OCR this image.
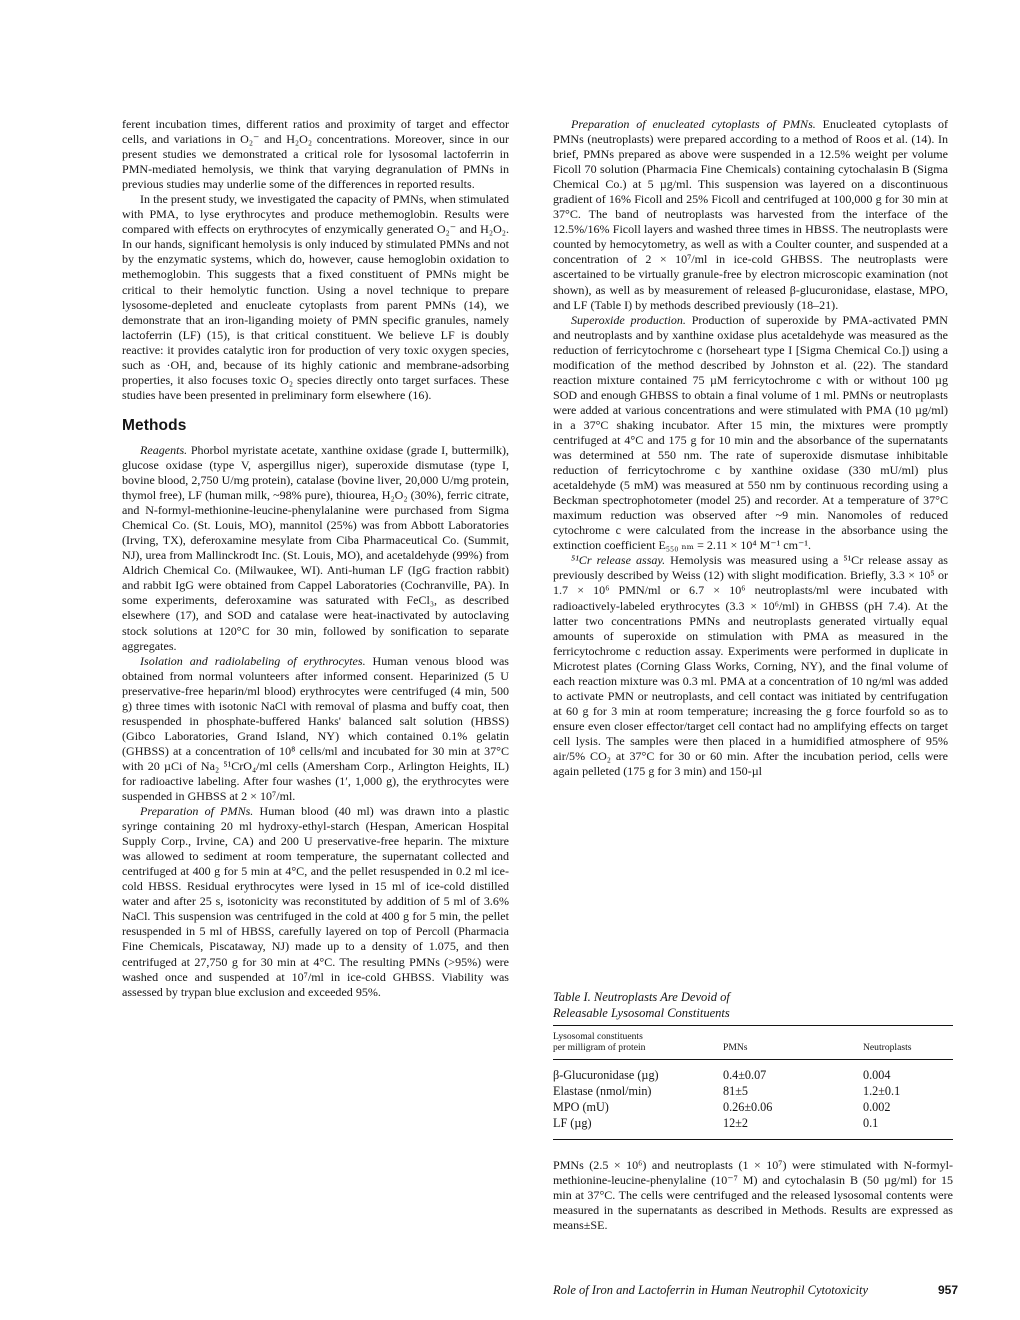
ferent incubation times, different ratios and proximity of target and effector cells, and variations in O₂⁻ and H₂O₂ concentrations. Moreover, since in our present studies we demonstrated a critical role for lysosomal lactoferrin in PMN-mediated hemolysis, we think that varying degranulation of PMNs in previous studies may underlie some of the differences in reported results.

In the present study, we investigated the capacity of PMNs, when stimulated with PMA, to lyse erythrocytes and produce methemoglobin. Results were compared with effects on erythrocytes of enzymically generated O₂⁻ and H₂O₂. In our hands, significant hemolysis is only induced by stimulated PMNs and not by the enzymatic systems, which do, however, cause hemoglobin oxidation to methemoglobin. This suggests that a fixed constituent of PMNs might be critical to their hemolytic function. Using a novel technique to prepare lysosome-depleted and enucleate cytoplasts from parent PMNs (14), we demonstrate that an iron-liganding moiety of PMN specific granules, namely lactoferrin (LF) (15), is that critical constituent. We believe LF is doubly reactive: it provides catalytic iron for production of very toxic oxygen species, such as ·OH, and, because of its highly cationic and membrane-adsorbing properties, it also focuses toxic O₂ species directly onto target surfaces. These studies have been presented in preliminary form elsewhere (16).

Methods

Reagents. Phorbol myristate acetate, xanthine oxidase (grade I, buttermilk), glucose oxidase (type V, aspergillus niger), superoxide dismutase (type I, bovine blood, 2,750 U/mg protein), catalase (bovine liver, 20,000 U/mg protein, thymol free), LF (human milk, ~98% pure), thiourea, H₂O₂ (30%), ferric citrate, and N-formyl-methionine-leucine-phenylalanine were purchased from Sigma Chemical Co. (St. Louis, MO), mannitol (25%) was from Abbott Laboratories (Irving, TX), deferoxamine mesylate from Ciba Pharmaceutical Co. (Summit, NJ), urea from Mallinckrodt Inc. (St. Louis, MO), and acetaldehyde (99%) from Aldrich Chemical Co. (Milwaukee, WI). Anti-human LF (IgG fraction rabbit) and rabbit IgG were obtained from Cappel Laboratories (Cochranville, PA). In some experiments, deferoxamine was saturated with FeCl₃, as described elsewhere (17), and SOD and catalase were heat-inactivated by autoclaving stock solutions at 120°C for 30 min, followed by sonification to separate aggregates.

Isolation and radiolabeling of erythrocytes. Human venous blood was obtained from normal volunteers after informed consent. Heparinized (5 U preservative-free heparin/ml blood) erythrocytes were centrifuged (4 min, 500 g) three times with isotonic NaCl with removal of plasma and buffy coat, then resuspended in phosphate-buffered Hanks' balanced salt solution (HBSS) (Gibco Laboratories, Grand Island, NY) which contained 0.1% gelatin (GHBSS) at a concentration of 10⁸ cells/ml and incubated for 30 min at 37°C with 20 µCi of Na₂ ⁵¹CrO₄/ml cells (Amersham Corp., Arlington Heights, IL) for radioactive labeling. After four washes (1′, 1,000 g), the erythrocytes were suspended in GHBSS at 2 × 10⁷/ml.

Preparation of PMNs. Human blood (40 ml) was drawn into a plastic syringe containing 20 ml hydroxy-ethyl-starch (Hespan, American Hospital Supply Corp., Irvine, CA) and 200 U preservative-free heparin. The mixture was allowed to sediment at room temperature, the supernatant collected and centrifuged at 400 g for 5 min at 4°C, and the pellet resuspended in 0.2 ml ice-cold HBSS. Residual erythrocytes were lysed in 15 ml of ice-cold distilled water and after 25 s, isotonicity was reconstituted by addition of 5 ml of 3.6% NaCl. This suspension was centrifuged in the cold at 400 g for 5 min, the pellet resuspended in 5 ml of HBSS, carefully layered on top of Percoll (Pharmacia Fine Chemicals, Piscataway, NJ) made up to a density of 1.075, and then centrifuged at 27,750 g for 30 min at 4°C. The resulting PMNs (>95%) were washed once and suspended at 10⁷/ml in ice-cold GHBSS. Viability was assessed by trypan blue exclusion and exceeded 95%.

Preparation of enucleated cytoplasts of PMNs. Enucleated cytoplasts of PMNs (neutroplasts) were prepared according to a method of Roos et al. (14). In brief, PMNs prepared as above were suspended in a 12.5% weight per volume Ficoll 70 solution (Pharmacia Fine Chemicals) containing cytochalasin B (Sigma Chemical Co.) at 5 µg/ml. This suspension was layered on a discontinuous gradient of 16% Ficoll and 25% Ficoll and centrifuged at 100,000 g for 30 min at 37°C. The band of neutroplasts was harvested from the interface of the 12.5%/16% Ficoll layers and washed three times in HBSS. The neutroplasts were counted by hemocytometry, as well as with a Coulter counter, and suspended at a concentration of 2 × 10⁷/ml in ice-cold GHBSS. The neutroplasts were ascertained to be virtually granule-free by electron microscopic examination (not shown), as well as by measurement of released β-glucuronidase, elastase, MPO, and LF (Table I) by methods described previously (18–21).

Superoxide production. Production of superoxide by PMA-activated PMN and neutroplasts and by xanthine oxidase plus acetaldehyde was measured as the reduction of ferricytochrome c (horseheart type I [Sigma Chemical Co.]) using a modification of the method described by Johnston et al. (22). The standard reaction mixture contained 75 µM ferricytochrome c with or without 100 µg SOD and enough GHBSS to obtain a final volume of 1 ml. PMNs or neutroplasts were added at various concentrations and were stimulated with PMA (10 µg/ml) in a 37°C shaking incubator. After 15 min, the mixtures were promptly centrifuged at 4°C and 175 g for 10 min and the absorbance of the supernatants was determined at 550 nm. The rate of superoxide dismutase inhibitable reduction of ferricytochrome c by xanthine oxidase (330 mU/ml) plus acetaldehyde (5 mM) was measured at 550 nm by continuous recording using a Beckman spectrophotometer (model 25) and recorder. At a temperature of 37°C maximum reduction was observed after ~9 min. Nanomoles of reduced cytochrome c were calculated from the increase in the absorbance using the extinction coefficient E₅₅₀ ₙₘ = 2.11 × 10⁴ M⁻¹ cm⁻¹.

⁵¹Cr release assay. Hemolysis was measured using a ⁵¹Cr release assay as previously described by Weiss (12) with slight modification. Briefly, 3.3 × 10⁵ or 1.7 × 10⁶ PMN/ml or 6.7 × 10⁶ neutroplasts/ml were incubated with radioactively-labeled erythrocytes (3.3 × 10⁶/ml) in GHBSS (pH 7.4). At the latter two concentrations PMNs and neutroplasts generated virtually equal amounts of superoxide on stimulation with PMA as measured in the ferricytochrome c reduction assay. Experiments were performed in duplicate in Microtest plates (Corning Glass Works, Corning, NY), and the final volume of each reaction mixture was 0.3 ml. PMA at a concentration of 10 ng/ml was added to activate PMN or neutroplasts, and cell contact was initiated by centrifugation at 60 g for 3 min at room temperature; increasing the g force fourfold so as to ensure even closer effector/target cell contact had no amplifying effects on target cell lysis. The samples were then placed in a humidified atmosphere of 95% air/5% CO₂ at 37°C for 30 or 60 min. After the incubation period, cells were again pelleted (175 g for 3 min) and 150-µl

Table I. Neutroplasts Are Devoid of
Releasable Lysosomal Constituents
Lysosomal constituents
per milligram of protein	PMNs	Neutroplasts

β-Glucuronidase (µg)	0.4±0.07	0.004
Elastase (nmol/min)	81±5	1.2±0.1
MPO (mU)	0.26±0.06	0.002
LF (µg)	12±2	0.1
PMNs (2.5 × 10⁶) and neutroplasts (1 × 10⁷) were stimulated with N-formyl-methionine-leucine-phenylaline (10⁻⁷ M) and cytochalasin B (50 µg/ml) for 15 min at 37°C. The cells were centrifuged and the released lysosomal contents were measured in the supernatants as described in Methods. Results are expressed as means±SE.
Role of Iron and Lactoferrin in Human Neutrophil Cytotoxicity	957
